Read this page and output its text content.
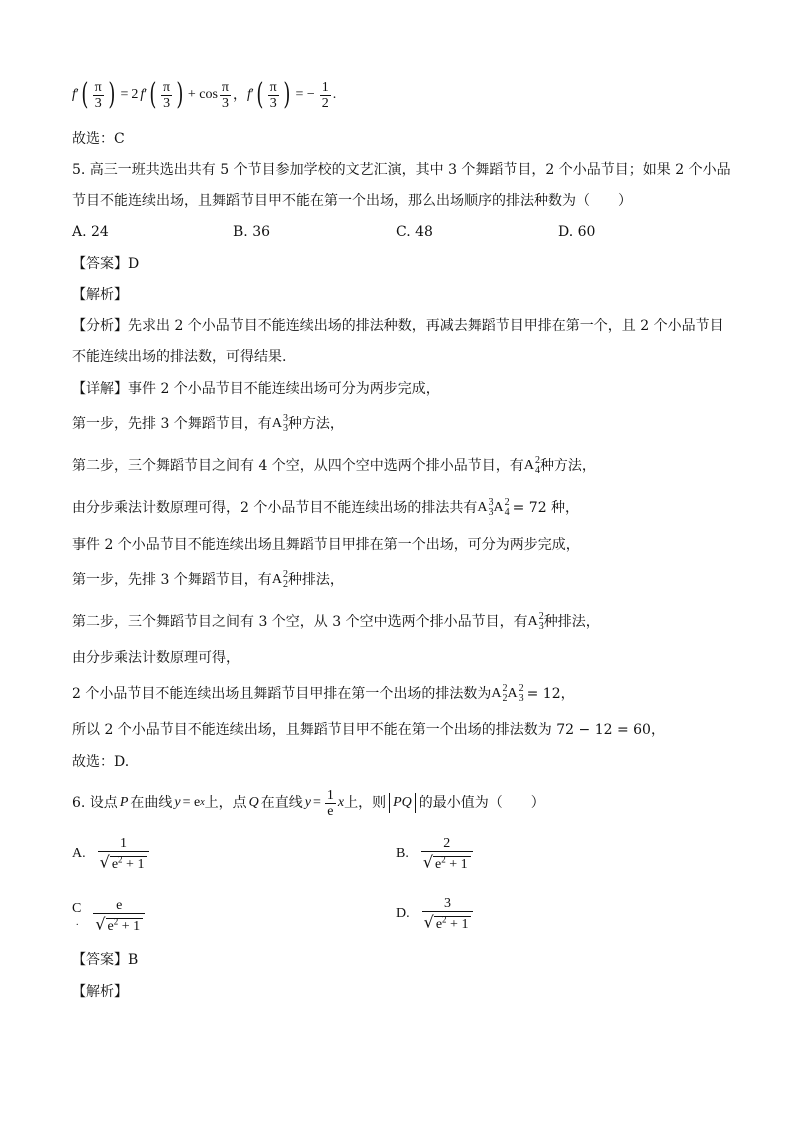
f ′ ( $\frac{\pi}{3}$ ) = 2 f ′ ( $\frac{\pi}{3}$ ) + $\cos \frac{\pi}{3}$ ， f ′ ( $\frac{\pi}{3}$ ) = − $\frac{1}{2}$ .
故选：C
5. 高三一班共选出共有 5 个节目参加学校的文艺汇演，其中 3 个舞蹈节目，2 个小品节目；如果 2 个小品
节目不能连续出场，且舞蹈节目甲不能在第一个出场，那么出场顺序的排法种数为（　　）
A. 24	B. 36	C. 48	D. 60
【答案】D
【解析】
【分析】先求出 2 个小品节目不能连续出场的排法种数，再减去舞蹈节目甲排在第一个，且 2 个小品节目
不能连续出场的排法数，可得结果.
【详解】事件 2 个小品节目不能连续出场可分为两步完成，
第一步，先排 3 个舞蹈节目，有 A 3
3 种方法，
第二步，三个舞蹈节目之间有 4 个空，从四个空中选两个排小品节目，有 A 2
4 种方法，
由分步乘法计数原理可得，2 个小品节目不能连续出场的排法共有 A 3
3 A 2
4 = 72 种，
事件 2 个小品节目不能连续出场且舞蹈节目甲排在第一个出场，可分为两步完成，
第一步，先排 3 个舞蹈节目，有 A 2
2 种排法，
第二步，三个舞蹈节目之间有 3 个空，从 3 个空中选两个排小品节目，有 A 2
3 种排法，
由分步乘法计数原理可得，
2 个小品节目不能连续出场且舞蹈节目甲排在第一个出场的排法数为 A 2
2 A 2
3 = 12，
所以 2 个小品节目不能连续出场，且舞蹈节目甲不能在第一个出场的排法数为 72 − 12 = 60，
故选：D.
6. 设点 P 在曲线 y = e x 上，点 Q 在直线 $y = \frac{1}{e}$ x 上，则 PQ 的最小值为（　　）
A. $\frac{1}{√ e^2 + 1}$	B. $\frac{2}{√ e^2 + 1}$
C
. $\frac{e}{√ e^2 + 1}$	D. $\frac{3}{√ e^2 + 1}$
【答案】B
【解析】
